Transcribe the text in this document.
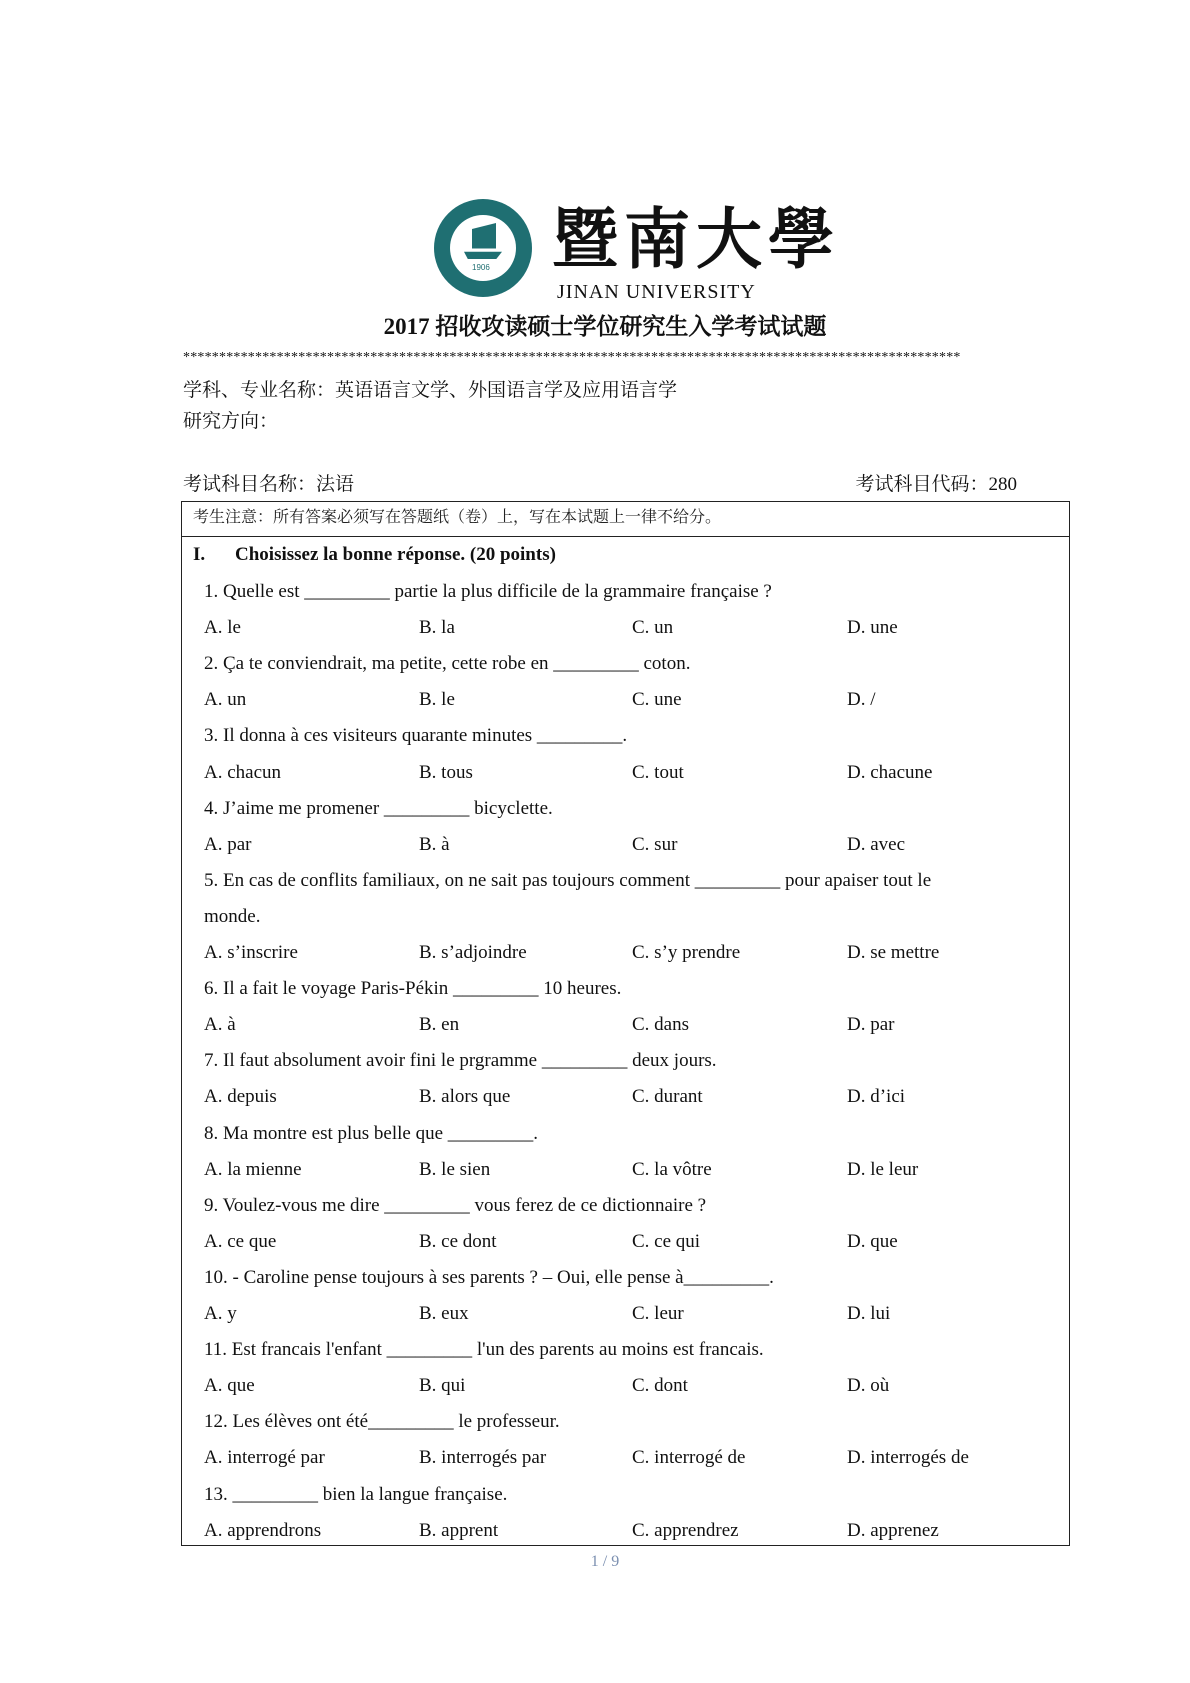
1906 暨南大學
JINAN UNIVERSITY
2017 招收攻读硕士学位研究生入学考试试题
************************************************************************************************************
学科、专业名称：英语语言文学、外国语言学及应用语言学
研究方向：
考试科目名称：法语	考试科目代码：280
考生注意：所有答案必须写在答题纸（卷）上，写在本试题上一律不给分。
I. Choisissez la bonne réponse. (20 points)
1. Quelle est _________ partie la plus difficile de la grammaire française ?
A. le	B. la	C. un	D. une
2. Ça te conviendrait, ma petite, cette robe en _________ coton.
A. un	B. le	C. une	D. /
3. Il donna à ces visiteurs quarante minutes _________.
A. chacun	B. tous	C. tout	D. chacune
4. J’aime me promener _________ bicyclette.
A. par	B. à	C. sur	D. avec
5. En cas de conflits familiaux, on ne sait pas toujours comment _________ pour apaiser tout le
monde.
A. s’inscrire	B. s’adjoindre	C. s’y prendre	D. se mettre
6. Il a fait le voyage Paris-Pékin _________ 10 heures.
A. à	B. en	C. dans	D. par
7. Il faut absolument avoir fini le prgramme _________ deux jours.
A. depuis	B. alors que	C. durant	D. d’ici
8. Ma montre est plus belle que _________.
A. la mienne	B. le sien	C. la vôtre	D. le leur
9. Voulez-vous me dire _________ vous ferez de ce dictionnaire ?
A. ce que	B. ce dont	C. ce qui	D. que
10. - Caroline pense toujours à ses parents ? – Oui, elle pense à_________.
A. y	B. eux	C. leur	D. lui
11. Est francais l'enfant _________ l'un des parents au moins est francais.
A. que	B. qui	C. dont	D. où
12. Les élèves ont été_________ le professeur.
A. interrogé par	B. interrogés par	C. interrogé de	D. interrogés de
13. _________ bien la langue française.
A. apprendrons	B. apprent	C. apprendrez	D. apprenez
1 / 9
